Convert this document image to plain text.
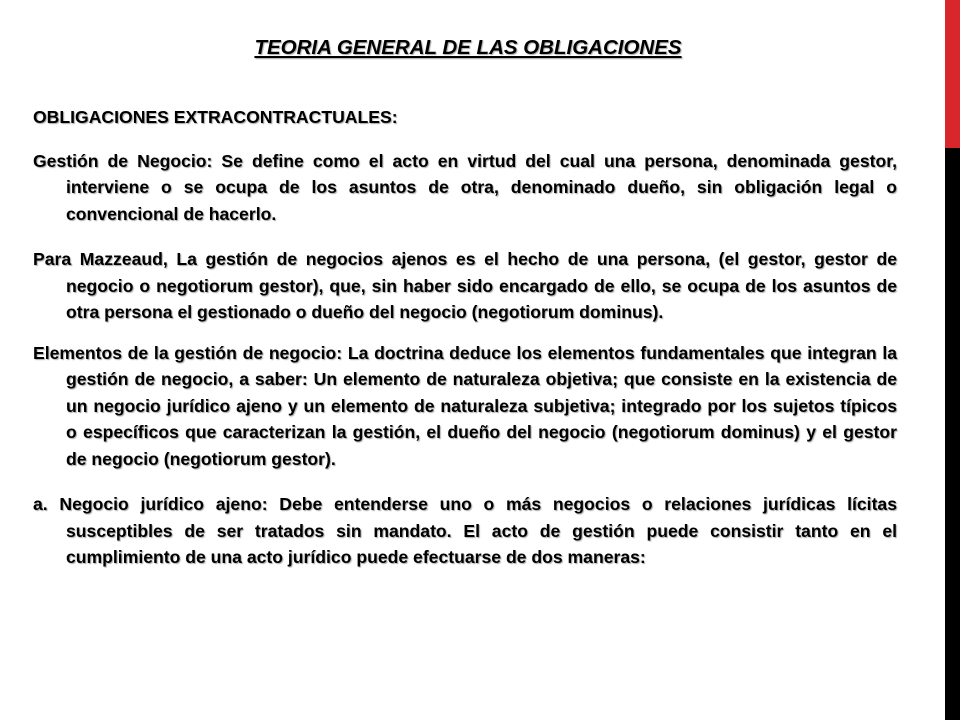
TEORIA GENERAL DE LAS OBLIGACIONES
OBLIGACIONES EXTRACONTRACTUALES:

Gestión de Negocio: Se define como el acto en virtud del cual una persona, denominada gestor, interviene o se ocupa de los asuntos de otra, denominado dueño, sin obligación legal o convencional de hacerlo.

Para Mazzeaud, La gestión de negocios ajenos es el hecho de una persona, (el gestor, gestor de negocio o negotiorum gestor), que, sin haber sido encargado de ello, se ocupa de los asuntos de otra persona el gestionado o dueño del negocio (negotiorum dominus).

Elementos de la gestión de negocio: La doctrina deduce los elementos fundamentales que integran la gestión de negocio, a saber: Un elemento de naturaleza objetiva; que consiste en la existencia de un negocio jurídico ajeno y un elemento de naturaleza subjetiva; integrado por los sujetos típicos o específicos que caracterizan la gestión, el dueño del negocio (negotiorum dominus) y el gestor de negocio (negotiorum gestor).

a. Negocio jurídico ajeno: Debe entenderse uno o más negocios o relaciones jurídicas lícitas susceptibles de ser tratados sin mandato. El acto de gestión puede consistir tanto en el cumplimiento de una acto jurídico puede efectuarse de dos maneras:
